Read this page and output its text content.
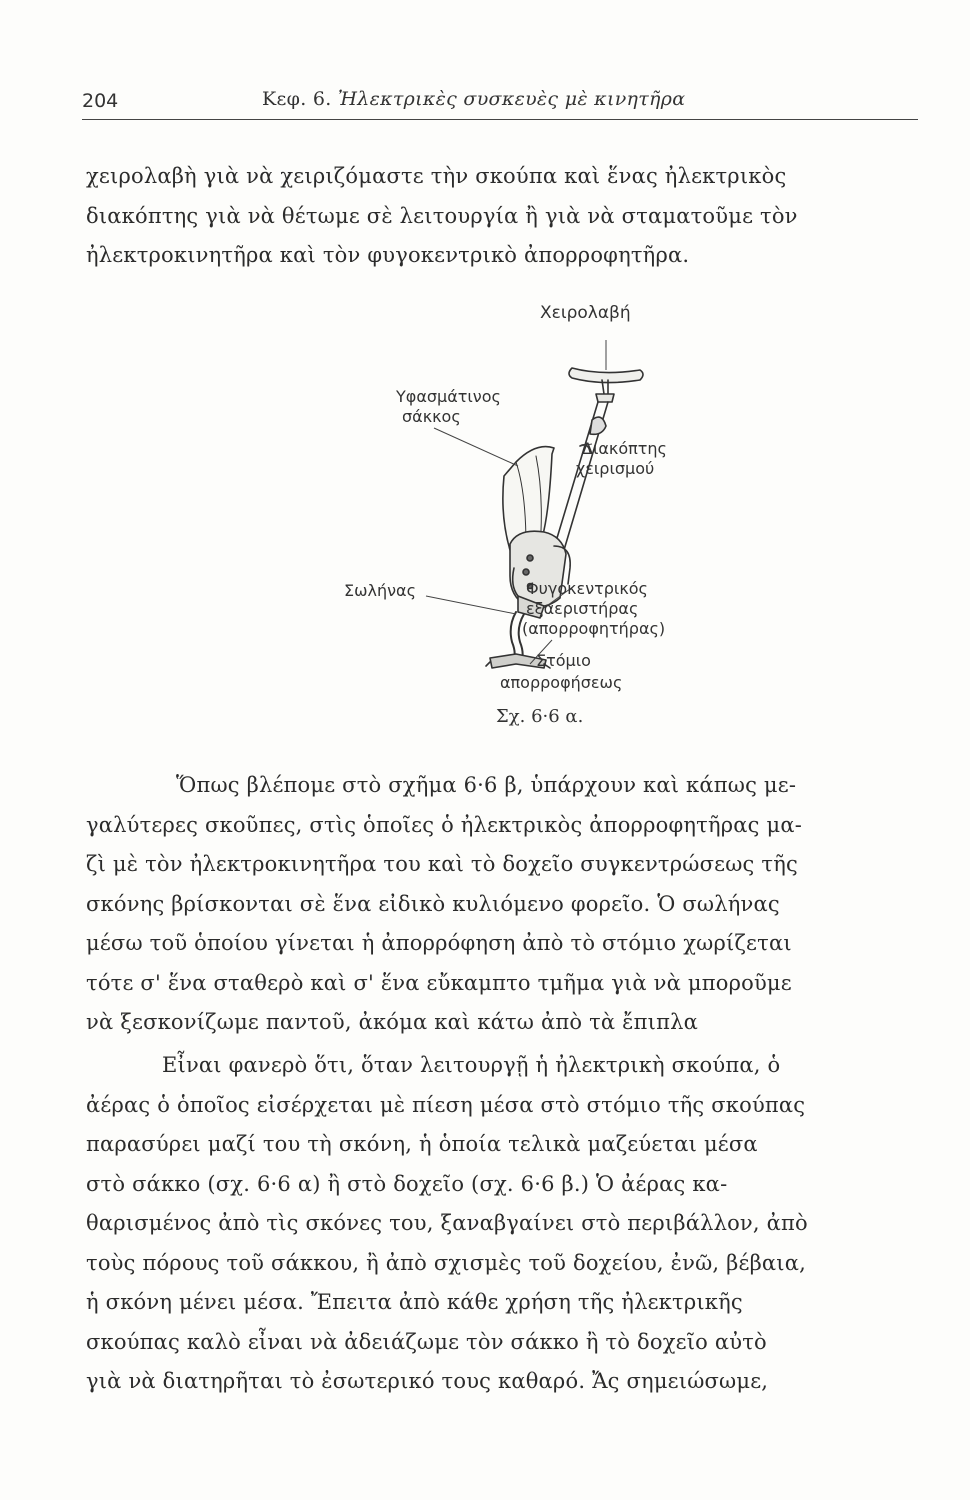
204	Κεφ. 6. Ἠλεκτρικὲς συσκευὲς μὲ κινητῆρα

χειρολαβὴ γιὰ νὰ χειριζόμαστε τὴν σκούπα καὶ ἕνας ἠλεκτρικὸς
διακόπτης γιὰ νὰ θέτωμε σὲ λειτουργία ἢ γιὰ νὰ σταματοῦμε τὸν
ἠλεκτροκινητῆρα καὶ τὸν φυγοκεντρικὸ ἀπορροφητῆρα.

Χειρολαβή
Υφασμάτινος
σάκκος
Διακόπτης
χειρισμού
Σωλήνας	Φυγοκεντρικός
εξαεριστήρας
(απορροφητήρας)
Στόμιο
απορροφήσεως
Σχ. 6·6 α.

Ὅπως βλέπομε στὸ σχῆμα 6·6 β, ὑπάρχουν καὶ κάπως με-
γαλύτερες σκοῦπες, στὶς ὁποῖες ὁ ἠλεκτρικὸς ἀπορροφητῆρας μα-
ζὶ μὲ τὸν ἠλεκτροκινητῆρα του καὶ τὸ δοχεῖο συγκεντρώσεως τῆς
σκόνης βρίσκονται σὲ ἕνα εἰδικὸ κυλιόμενο φορεῖο. Ὁ σωλήνας
μέσω τοῦ ὁποίου γίνεται ἡ ἀπορρόφηση ἀπὸ τὸ στόμιο χωρίζεται
τότε σ' ἕνα σταθερὸ καὶ σ' ἕνα εὔκαμπτο τμῆμα γιὰ νὰ μποροῦμε
νὰ ξεσκονίζωμε παντοῦ, ἀκόμα καὶ κάτω ἀπὸ τὰ ἔπιπλα

Εἶναι φανερὸ ὅτι, ὅταν λειτουργῇ ἡ ἠλεκτρικὴ σκούπα, ὁ
ἀέρας ὁ ὁποῖος εἰσέρχεται μὲ πίεση μέσα στὸ στόμιο τῆς σκούπας
παρασύρει μαζί του τὴ σκόνη, ἡ ὁποία τελικὰ μαζεύεται μέσα
στὸ σάκκο (σχ. 6·6 α) ἢ στὸ δοχεῖο (σχ. 6·6 β.) Ὁ ἀέρας κα-
θαρισμένος ἀπὸ τὶς σκόνες του, ξαναβγαίνει στὸ περιβάλλον, ἀπὸ
τοὺς πόρους τοῦ σάκκου, ἢ ἀπὸ σχισμὲς τοῦ δοχείου, ἐνῶ, βέβαια,
ἡ σκόνη μένει μέσα. Ἔπειτα ἀπὸ κάθε χρήση τῆς ἠλεκτρικῆς
σκούπας καλὸ εἶναι νὰ ἀδειάζωμε τὸν σάκκο ἢ τὸ δοχεῖο αὐτὸ
γιὰ νὰ διατηρῆται τὸ ἐσωτερικό τους καθαρό. Ἄς σημειώσωμε,
